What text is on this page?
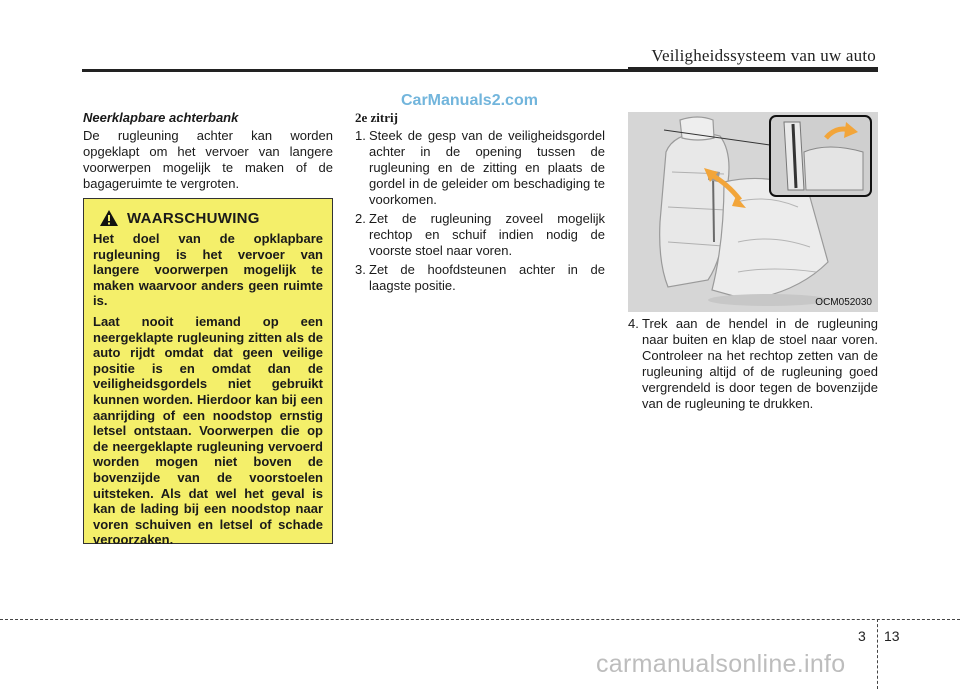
Veiligheidssysteem van uw auto
CarManuals2.com

Neerklapbare achterbank

De rugleuning achter kan worden opgeklapt om het vervoer van langere voorwerpen mogelijk te maken of de bagageruimte te vergroten.

WAARSCHUWING

Het doel van de opklapbare rugleuning is het vervoer van langere voorwerpen mogelijk te maken waarvoor anders geen ruimte is.

Laat nooit iemand op een neergeklapte rugleuning zitten als de auto rijdt omdat dat geen veilige positie is en omdat dan de veiligheidsgordels niet gebruikt kunnen worden. Hierdoor kan bij een aanrijding of een noodstop ernstig letsel ontstaan. Voorwerpen die op de neergeklapte rugleuning vervoerd worden mogen niet boven de bovenzijde van de voorstoelen uitsteken. Als dat wel het geval is kan de lading bij een noodstop naar voren schuiven en letsel of schade veroorzaken.

2e zitrij

1. Steek de gesp van de veiligheidsgordel achter in de opening tussen de rugleuning en de zitting en plaats de gordel in de geleider om beschadiging te voorkomen.
2. Zet de rugleuning zoveel mogelijk rechtop en schuif indien nodig de voorste stoel naar voren.
3. Zet de hoofdsteunen achter in de laagste positie.
OCM052030
4. Trek aan de hendel in de rugleuning naar buiten en klap de stoel naar voren. Controleer na het rechtop zetten van de rugleuning altijd of de rugleuning goed vergrendeld is door tegen de bovenzijde van de rugleuning te drukken.
3 13
carmanualsonline.info
